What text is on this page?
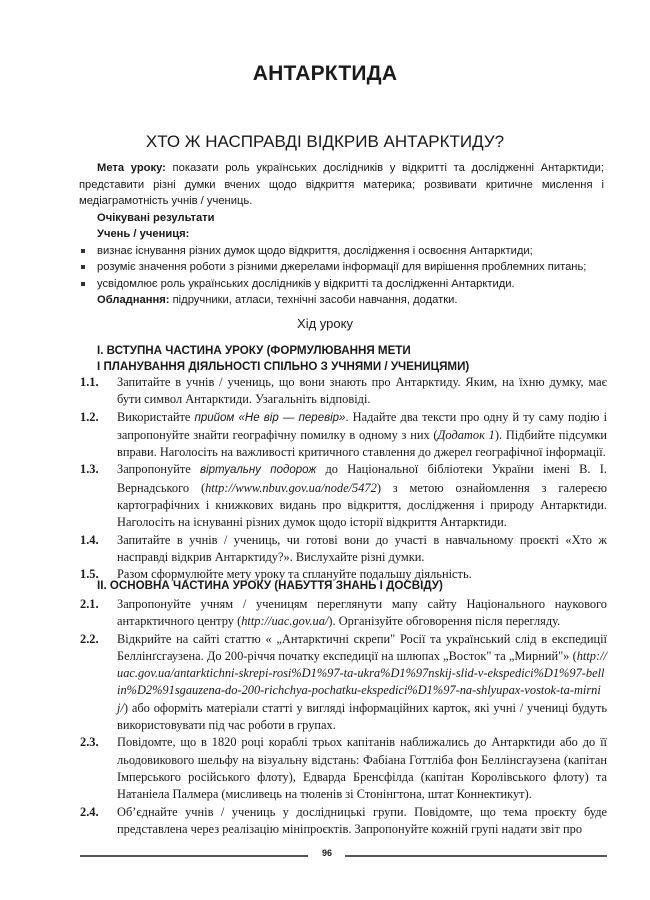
АНТАРКТИДА
ХТО Ж НАСПРАВДІ ВІДКРИВ АНТАРКТИДУ?
Мета уроку: показати роль українських дослідників у відкритті та дослідженні Антарктиди; представити різні думки вчених щодо відкриття материка; розвивати критичне мислення і медіаграмотність учнів / учениць.
Очікувані результати
Учень / учениця:
визнає існування різних думок щодо відкриття, дослідження і освоєння Антарктиди;
розуміє значення роботи з різними джерелами інформації для вирішення проблемних питань;
усвідомлює роль українських дослідників у відкритті та дослідженні Антарктиди.
Обладнання: підручники, атласи, технічні засоби навчання, додатки.
Хід уроку
І. ВСТУПНА ЧАСТИНА УРОКУ (ФОРМУЛЮВАННЯ МЕТИ
І ПЛАНУВАННЯ ДІЯЛЬНОСТІ СПІЛЬНО З УЧНЯМИ / УЧЕНИЦЯМИ)
1.1.	Запитайте в учнів / учениць, що вони знають про Антарктиду. Яким, на їхню думку, має бути символ Антарктиди. Узагальніть відповіді.
1.2.	Використайте прийом «Не вір — перевір». Надайте два тексти про одну й ту саму подію і запропонуйте знайти географічну помилку в одному з них (Додаток 1). Підбийте підсумки вправи. Наголосіть на важливості критичного ставлення до джерел географічної інформації.
1.3.	Запропонуйте віртуальну подорож до Національної бібліотеки України імені В. І. Вернадського (http://www.nbuv.gov.ua/node/5472) з метою ознайомлення з галереєю картографічних і книжкових видань про відкриття, дослідження і природу Антарктиди. Наголосіть на існуванні різних думок щодо історії відкриття Антарктиди.
1.4.	Запитайте в учнів / учениць, чи готові вони до участі в навчальному проєкті «Хто ж насправді відкрив Антарктиду?». Вислухайте різні думки.
1.5.	Разом сформулюйте мету уроку та сплануйте подальшу діяльність.
ІІ. ОСНОВНА ЧАСТИНА УРОКУ (НАБУТТЯ ЗНАНЬ І ДОСВІДУ)
2.1.	Запропонуйте учням / ученицям переглянути мапу сайту Національного наукового антарктичного центру (http://uac.gov.ua/). Організуйте обговорення після перегляду.
2.2.	Відкрийте на сайті статтю « „Антарктичні скрепи" Росії та український слід в експедиції Беллінґсгаузена. До 200-річчя початку експедиції на шлюпах „Восток" та „Мирний"» (http://uac.gov.ua/antarktichni-skrepi-rosi%D1%97-ta-ukra%D1%97nskij-slid-v-ekspedici%D1%97-bellin%D2%91sgauzena-do-200-richchya-pochatku-ekspedici%D1%97-na-shlyupax-vostok-ta-mirnij/) або оформіть матеріали статті у вигляді інформаційних карток, які учні / учениці будуть використовувати під час роботи в групах.
2.3.	Повідомте, що в 1820 році кораблі трьох капітанів наближались до Антарктиди або до її льодовикового шельфу на візуальну відстань: Фабіана Готтліба фон Беллінсгаузена (капітан Імперського російського флоту), Едварда Бренсфілда (капітан Королівського флоту) та Натаніела Палмера (мисливець на тюленів зі Стонінгтона, штат Коннектикут).
2.4.	Об’єднайте учнів / учениць у дослідницькі групи. Повідомте, що тема проєкту буде представлена через реалізацію мініпроєктів. Запропонуйте кожній групі надати звіт про
96
